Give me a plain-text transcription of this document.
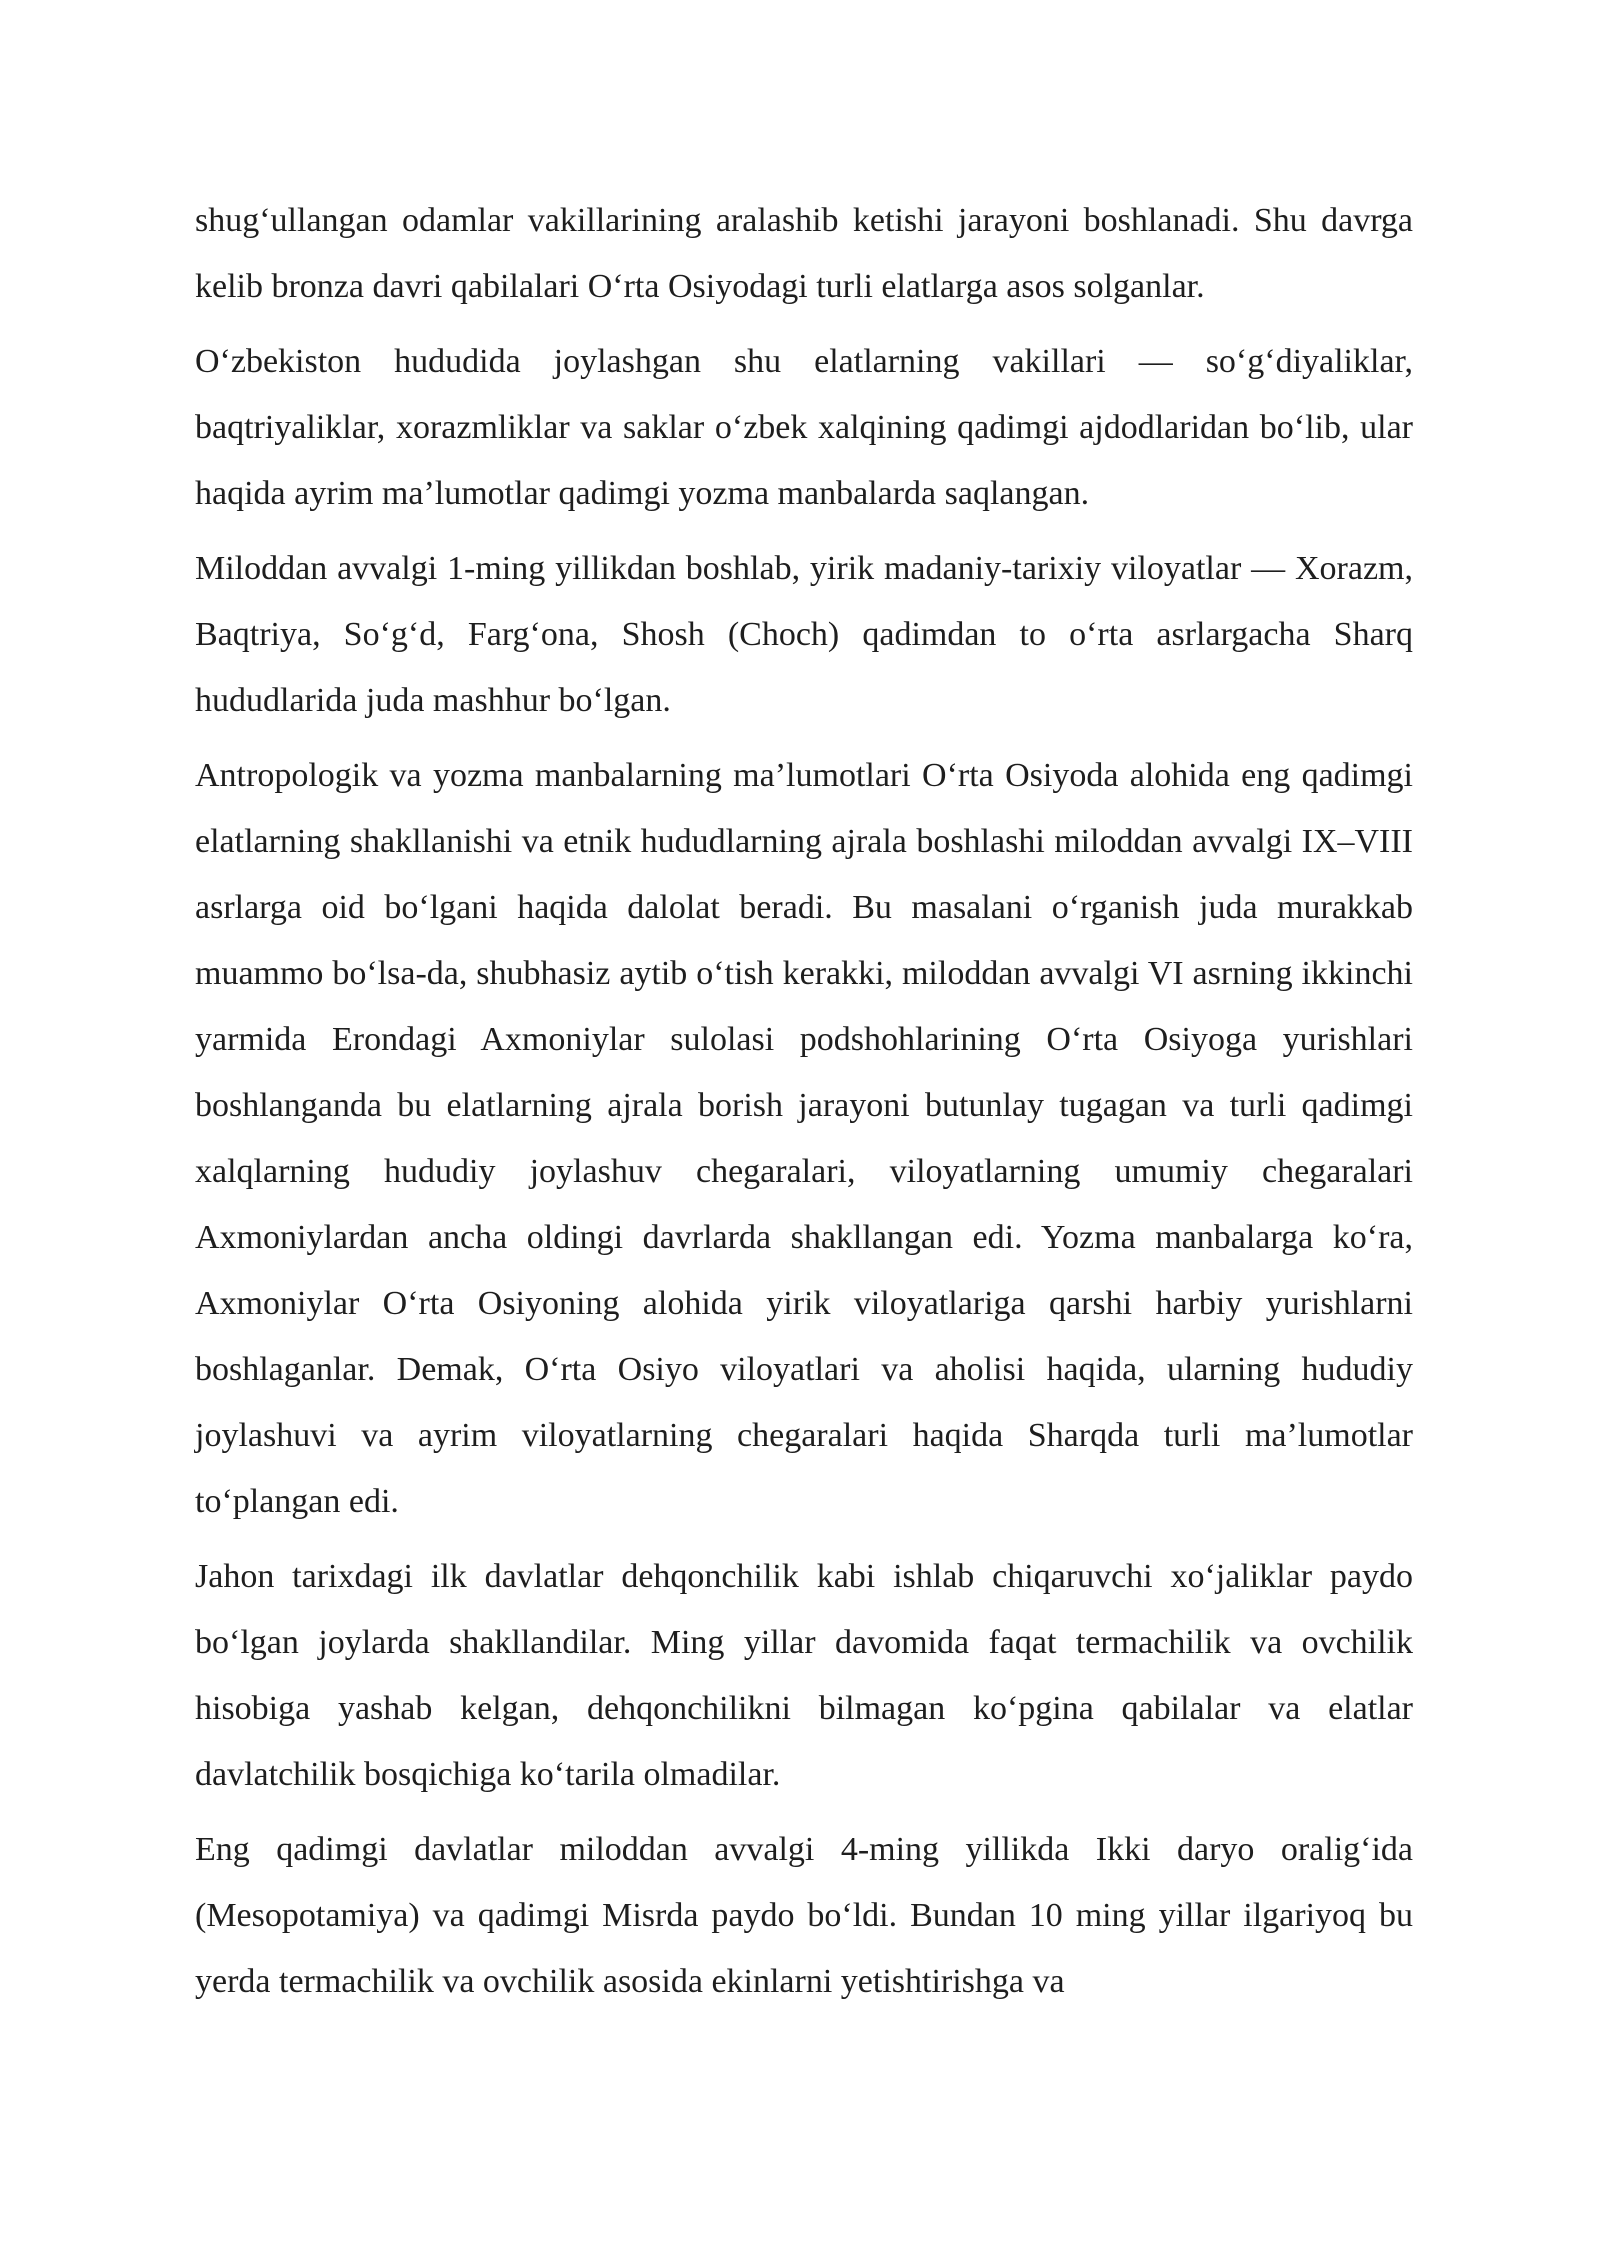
shug‘ullangan odamlar vakillarining aralashib ketishi jarayoni boshlanadi. Shu davrga kelib bronza davri qabilalari O‘rta Osiyodagi turli elatlarga asos solganlar.

O‘zbekiston hududida joylashgan shu elatlarning vakillari — so‘g‘diyaliklar, baqtriyaliklar, xorazmliklar va saklar o‘zbek xalqining qadimgi ajdodlaridan bo‘lib, ular haqida ayrim ma’lumotlar qadimgi yozma manbalarda saqlangan.

Miloddan avvalgi 1-ming yillikdan boshlab, yirik madaniy-tarixiy viloyatlar — Xorazm, Baqtriya, So‘g‘d, Farg‘ona, Shosh (Choch) qadimdan to o‘rta asrlargacha Sharq hududlarida juda mashhur bo‘lgan.

Antropologik va yozma manbalarning ma’lumotlari O‘rta Osiyoda alohida eng qadimgi elatlarning shakllanishi va etnik hududlarning ajrala boshlashi miloddan avvalgi IX–VIII asrlarga oid bo‘lgani haqida dalolat beradi. Bu masalani o‘rganish juda murakkab muammo bo‘lsa-da, shubhasiz aytib o‘tish kerakki, miloddan avvalgi VI asrning ikkinchi yarmida Erondagi Axmoniylar sulolasi podshohlarining O‘rta Osiyoga yurishlari boshlanganda bu elatlarning ajrala borish jarayoni butunlay tugagan va turli qadimgi xalqlarning hududiy joylashuv chegaralari, viloyatlarning umumiy chegaralari Axmoniylardan ancha oldingi davrlarda shakllangan edi. Yozma manbalarga ko‘ra, Axmoniylar O‘rta Osiyoning alohida yirik viloyatlariga qarshi harbiy yurishlarni boshlaganlar. Demak, O‘rta Osiyo viloyatlari va aholisi haqida, ularning hududiy joylashuvi va ayrim viloyatlarning chegaralari haqida Sharqda turli ma’lumotlar to‘plangan edi.

Jahon tarixdagi ilk davlatlar dehqonchilik kabi ishlab chiqaruvchi xo‘jaliklar paydo bo‘lgan joylarda shakllandilar. Ming yillar davomida faqat termachilik va ovchilik hisobiga yashab kelgan, dehqonchilikni bilmagan ko‘pgina qabilalar va elatlar davlatchilik bosqichiga ko‘tarila olmadilar.

Eng qadimgi davlatlar miloddan avvalgi 4-ming yillikda Ikki daryo oralig‘ida (Mesopotamiya) va qadimgi Misrda paydo bo‘ldi. Bundan 10 ming yillar ilgariyoq bu yerda termachilik va ovchilik asosida ekinlarni yetishtirishga va
